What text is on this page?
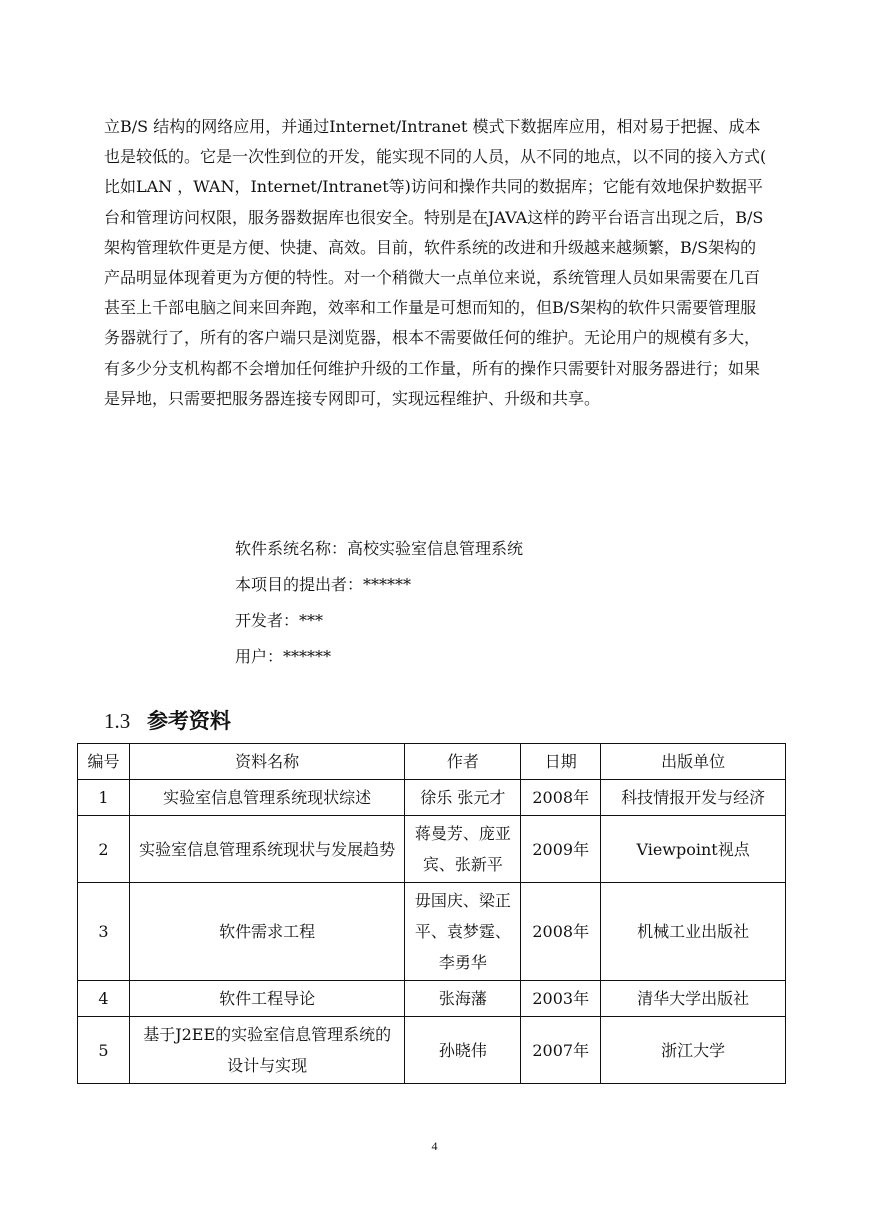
立B/S 结构的网络应用，并通过Internet/Intranet 模式下数据库应用，相对易于把握、成本也是较低的。它是一次性到位的开发，能实现不同的人员，从不同的地点，以不同的接入方式( 比如LAN ，WAN，Internet/Intranet等)访问和操作共同的数据库；它能有效地保护数据平台和管理访问权限，服务器数据库也很安全。特别是在JAVA这样的跨平台语言出现之后，B/S架构管理软件更是方便、快捷、高效。目前，软件系统的改进和升级越来越频繁，B/S架构的产品明显体现着更为方便的特性。对一个稍微大一点单位来说，系统管理人员如果需要在几百甚至上千部电脑之间来回奔跑，效率和工作量是可想而知的，但B/S架构的软件只需要管理服务器就行了，所有的客户端只是浏览器，根本不需要做任何的维护。无论用户的规模有多大，有多少分支机构都不会增加任何维护升级的工作量，所有的操作只需要针对服务器进行；如果是异地，只需要把服务器连接专网即可，实现远程维护、升级和共享。

软件系统名称：高校实验室信息管理系统
本项目的提出者：******
开发者：***
用户：******
1.3 参考资料
编号	资料名称	作者	日期	出版单位
1	实验室信息管理系统现状综述	徐乐 张元才	2008年	科技情报开发与经济
2	实验室信息管理系统现状与发展趋势	蒋曼芳、庞亚宾、张新平	2009年	Viewpoint视点
3	软件需求工程	毋国庆、梁正平、袁梦霆、李勇华	2008年	机械工业出版社
4	软件工程导论	张海藩	2003年	清华大学出版社
5	基于J2EE的实验室信息管理系统的设计与实现	孙晓伟	2007年	浙江大学
4
